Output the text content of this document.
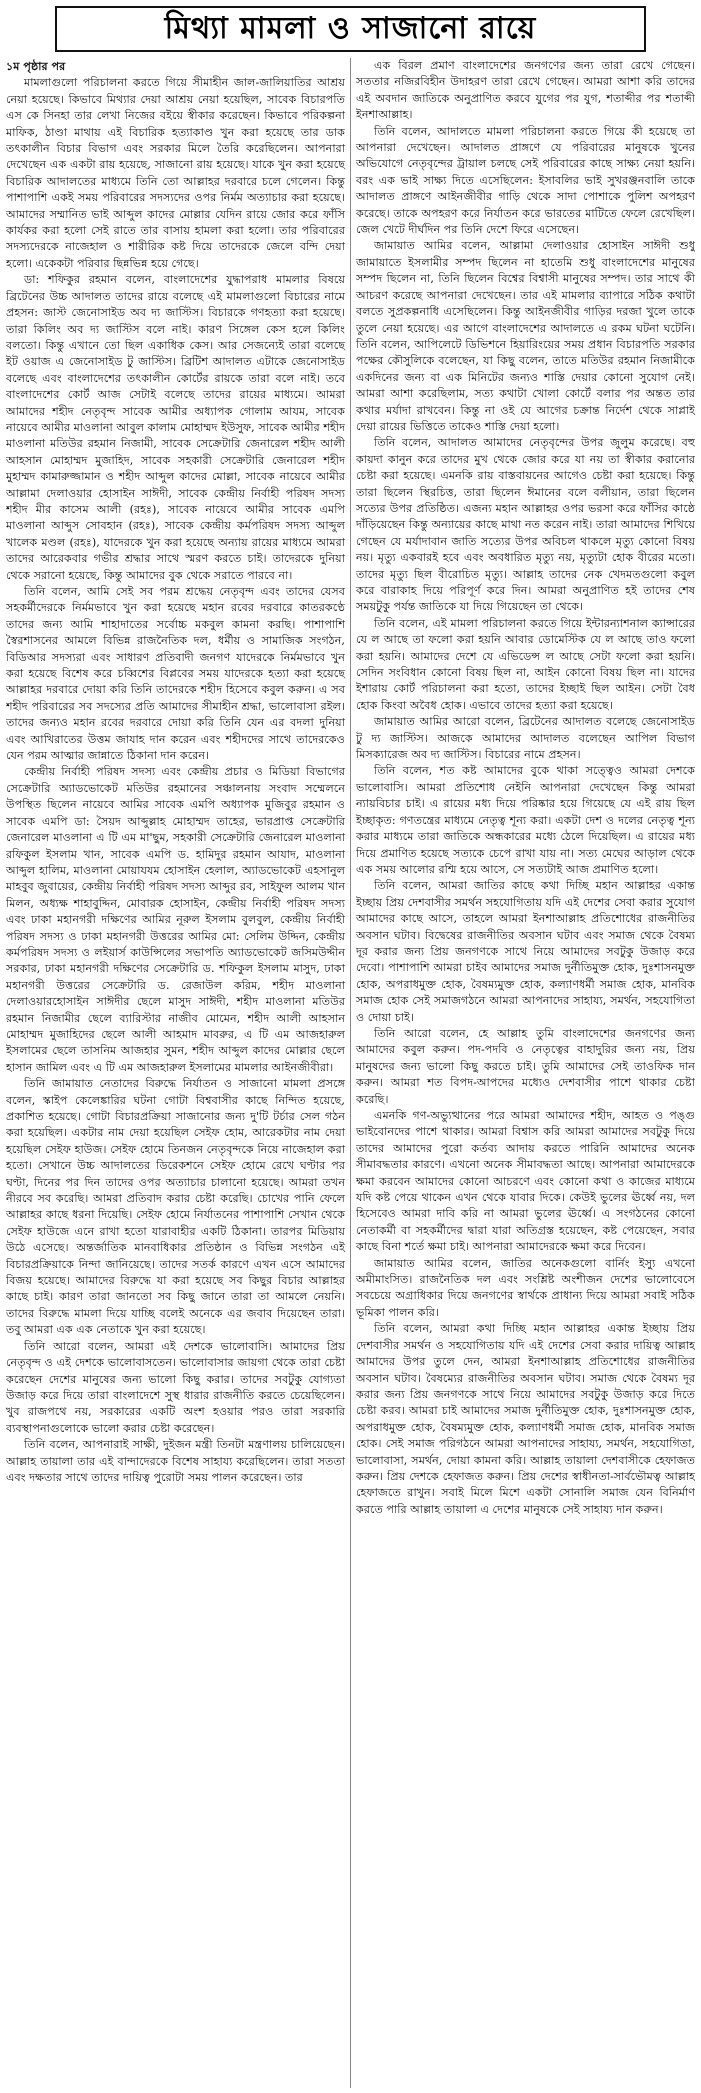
মিথ্যা মামলা ও সাজানো রায়ে
১ম পৃষ্ঠার পর

মামলাগুলো পরিচালনা করতে গিয়ে সীমাহীন জাল-জালিয়াতির আশ্রয় নেয়া হয়েছে। কিভাবে মিথ্যার দেয়া আশ্রয় নেয়া হয়েছিল, সাবেক বিচারপতি এস কে সিনহা তার লেখা নিজের বইয়ে স্বীকার করেছেন। কিভাবে পরিকল্পনা মাফিক, ঠাণ্ডা মাথায় এই বিচারিক হত্যাকাণ্ড খুন করা হয়েছে তার ডাক তৎকালীন বিচার বিভাগ এবং সরকার মিলে তৈরি করেছিলেন। আপনারা দেখেছেন এক একটা রায় হয়েছে, সাজানো রায় হয়েছে। যাকে খুন করা হয়েছে বিচারিক আদালতের মাধ্যমে তিনি তো আল্লাহর দরবারে চলে গেলেন। কিন্তু পাশাপাশি একই সময় পরিবারের সদস্যদের ওপর নির্মম অত্যাচার করা হয়েছে। আমাদের সম্মানিত ভাই আব্দুল কাদের মোল্লার যেদিন রায়ে জোর করে ফাঁসি কার্যকর করা হলো সেই রাতে তার বাসায় হামলা করা হলো। তার পরিবারের সদস্যদেরকে নাজেহাল ও শারীরিক কষ্ট দিয়ে তাদেরকে জেলে বন্দি দেয়া হলো। একেকটা পরিবার ছিন্নভিন্ন হয়ে গেছে।

ডা: শফিকুর রহমান বলেন, বাংলাদেশের যুদ্ধাপরাধ মামলার বিষয়ে ব্রিটেনের উচ্চ আদালত তাদের রায়ে বলেছে এই মামলাগুলো বিচারের নামে প্রহসন: জাস্ট জেনোসাইড অব দ্য জাস্টিস। বিচারকে গণহত্যা করা হয়েছে। তারা কিলিং অব দ্য জাস্টিস বলে নাই। কারণ সিঙ্গেল কেস হলে কিলিং বলতো। কিন্তু এখানে তো ছিল একাধিক কেস। আর সেজন্যেই তারা বলেছে ইট ওয়াজ এ জেনোসাইড টু জাস্টিস। ব্রিটিশ আদালত এটাকে জেনোসাইড বলেছে এবং বাংলাদেশের তৎকালীন কোর্টের রায়কে তারা বলে নাই। তবে বাংলাদেশের কোর্ট আজ সেটাই বলেছে তাদের রায়ের মাধ্যমে। আমরা আমাদের শহীদ নেতৃবৃন্দ সাবেক আমীর অধ্যাপক গোলাম আযম, সাবেক নায়েবে আমীর মাওলানা আবুল কালাম মোহাম্মদ ইউসুফ, সাবেক আমীর শহীদ মাওলানা মতিউর রহমান নিজামী, সাবেক সেক্রেটারি জেনারেল শহীদ আলী আহসান মোহাম্মদ মুজাহিদ, সাবেক সহকারী সেক্রেটারি জেনারেল শহীদ মুহাম্মদ কামারুজ্জামান ও শহীদ আব্দুল কাদের মোল্লা, সাবেক নায়েবে আমীর আল্লামা দেলাওয়ার হোসাইন সাঈদী, সাবেক কেন্দ্রীয় নির্বাহী পরিষদ সদস্য শহীদ মীর কাসেম আলী (রহঃ), সাবেক নায়েবে আমীর সাবেক এমপি মাওলানা আব্দুস সোবহান (রহঃ), সাবেক কেন্দ্রীয় কর্মপরিষদ সদস্য আব্দুল খালেক মণ্ডল (রহঃ), যাদেরকে খুন করা হয়েছে অন্যায় রায়ের মাধ্যমে আমরা তাদের আরেকবার গভীর শ্রদ্ধার সাথে স্মরণ করতে চাই। তাদেরকে দুনিয়া থেকে সরানো হয়েছে, কিন্তু আমাদের বুক থেকে সরাতে পারবে না।

তিনি বলেন, আমি সেই সব পরম শ্রদ্ধেয় নেতৃবৃন্দ এবং তাদের যেসব সহকর্মীদেরকে নির্মমভাবে খুন করা হয়েছে মহান রবের দরবারে কাতরকণ্ঠে তাদের জন্য আমি শাহাদাতের সর্বোচ্চ মকবুল কামনা করছি। পাশাপাশি স্বৈরশাসনের আমলে বিভিন্ন রাজনৈতিক দল, ধর্মীয় ও সামাজিক সংগঠন, বিডিআর সদস্যরা এবং সাধারণ প্রতিবাদী জনগণ যাদেরকে নির্মমভাবে খুন করা হয়েছে বিশেষ করে চব্বিশের বিপ্লবের সময় যাদেরকে হত্যা করা হয়েছে আল্লাহর দরবারে দোয়া করি তিনি তাদেরকে শহীদ হিসেবে কবুল করুন। এ সব শহীদ পরিবারের সব সদস্যের প্রতি আমাদের সীমাহীন শ্রদ্ধা, ভালোবাসা রইল। তাদের জন্যও মহান রবের দরবারে দোয়া করি তিনি যেন এর বদলা দুনিয়া এবং আখিরাতের উত্তম জাযাহ দান করেন এবং শহীদদের সাথে তাদেরকেও যেন পরম আত্মার জান্নাতে ঠিকানা দান করেন।

কেন্দ্রীয় নির্বাহী পরিষদ সদস্য এবং কেন্দ্রীয় প্রচার ও মিডিয়া বিভাগের সেক্রেটারি অ্যাডভোকেট মতিউর রহমানের সঞ্চালনায় সংবাদ সম্মেলনে উপস্থিত ছিলেন নায়েবে আমির সাবেক এমপি অধ্যাপক মুজিবুর রহমান ও সাবেক এমপি ডা: সৈয়দ আব্দুল্লাহ মোহাম্মদ তাহের, ভারপ্রাপ্ত সেক্রেটারি জেনারেল মাওলানা এ টি এম মা'ছুম, সহকারী সেক্রেটারি জেনারেল মাওলানা রফিকুল ইসলাম খান, সাবেক এমপি ড. হামিদুর রহমান আযাদ, মাওলানা আব্দুল হালিম, মাওলানা মোয়াযযম হোসাইন হেলাল, অ্যাডভোকেট এহসানুল মাহবুব জুবায়ের, কেন্দ্রীয় নির্বাহী পরিষদ সদস্য আব্দুর রব, সাইফুল আলম খান মিলন, অধ্যক্ষ শাহাবুদ্দিন, মোবারক হোসাইন, কেন্দ্রীয় নির্বাহী পরিষদ সদস্য এবং ঢাকা মহানগরী দক্ষিণের আমির নূরুল ইসলাম বুলবুল, কেন্দ্রীয় নির্বাহী পরিষদ সদস্য ও ঢাকা মহানগরী উত্তরের আমির মো: সেলিম উদ্দিন, কেন্দ্রীয় কর্মপরিষদ সদস্য ও লইয়ার্স কাউন্সিলের সভাপতি অ্যাডভোকেট জসিমউদ্দীন সরকার, ঢাকা মহানগরী দক্ষিণের সেক্রেটারি ড. শফিকুল ইসলাম মাসুদ, ঢাকা মহানগরী উত্তরের সেক্রেটারি ড. রেজাউল করিম, শহীদ মাওলানা দেলাওয়ারহোসাইন সাঈদীর ছেলে মাসুদ সাঈদী, শহীদ মাওলানা মতিউর রহমান নিজামীর ছেলে ব্যারিস্টার নাজীব মোমেন, শহীদ আলী আহসান মোহাম্মদ মুজাহিদের ছেলে আলী আহমাদ মাবরুর, এ টি এম আজহারুল ইসলামের ছেলে তাসনিম আজহার সুমন, শহীদ আব্দুল কাদের মোল্লার ছেলে হাসান জামিল এবং এ টি এম আজহারুল ইসলামের মামলার আইনজীবীরা।

তিনি জামায়াত নেতাদের বিরুদ্ধে নির্যাতন ও সাজানো মামলা প্রসঙ্গে বলেন, স্কাইপ কেলেঙ্কারির ঘটনা গোটা বিশ্ববাসীর কাছে নিন্দিত হয়েছে, প্রকাশিত হয়েছে। গোটা বিচারপ্রক্রিয়া সাজানোর জন্য দু'টি টর্চার সেল গঠন করা হয়েছিল। একটার নাম দেয়া হয়েছিল সেইফ হোম, আরেকটার নাম দেয়া হয়েছিল সেইফ হাউজ। সেইফ হোমে তিনজন নেতৃবৃন্দকে নিয়ে নাজেহাল করা হতো। সেখানে উচ্চ আদালতের ডিরেকশনে সেইফ হোমে রেখে ঘণ্টার পর ঘণ্টা, দিনের পর দিন তাদের ওপর অত্যাচার চালানো হয়েছে। আমরা তখন নীরবে সব করেছি। আমরা প্রতিবাদ করার চেষ্টা করেছি। চোখের পানি ফেলে আল্লাহর কাছে ধরনা দিয়েছি। সেইফ হোমে নির্যাতনের পাশাপাশি সেখান থেকে সেইফ হাউজে এনে রাখা হতো যারাবাহীর একটি ঠিকানা। তারপর মিডিয়ায় উঠে এসেছে। অন্তর্জাতিক মানবাধিকার প্রতিষ্ঠান ও বিভিন্ন সংগঠন এই বিচারপ্রক্রিয়াকে নিন্দা জানিয়েছে। তাদের সতর্ক কারণে এখন এসে আমাদের বিজয় হয়েছে। আমাদের বিরুদ্ধে যা করা হয়েছে সব কিছুর বিচার আল্লাহর কাছে চাই। কারণ তারা জানতো সব কিছু জানে তারা তা আমলে নেয়নি। তাদের বিরুদ্ধে মামলা দিয়ে যাচ্ছি বলেই অনেকে এর জবাব দিয়েছেন তারা। তবু আমরা এক এক নেতাকে খুন করা হয়েছে।

তিনি আরো বলেন, আমরা এই দেশকে ভালোবাসি। আমাদের প্রিয় নেতৃবৃন্দ ও এই দেশকে ভালোবাসতেন। ভালোবাসার জায়গা থেকে তারা চেষ্টা করেছেন দেশের মানুষের জন্য ভালো কিছু করার। তাদের সবটুকু যোগ্যতা উজাড় করে দিয়ে তারা বাংলাদেশে সুস্থ ধারার রাজনীতি করতে চেয়েছিলেন। খুব রাজপথে নয়, সরকারের একটি অংশ হওয়ার পরও তারা সরকারি ব্যবস্থাপনাগুলোকে ভালো করার চেষ্টা করেছেন।

তিনি বলেন, আপনারাই সাক্ষী, দুইজন মন্ত্রী তিনটা মন্ত্রণালয় চালিয়েছেন। আল্লাহ তায়ালা তার এই বান্দাদেরকে বিশেষ সাহায্য করেছিলেন। তারা সততা এবং দক্ষতার সাথে তাদের দায়িত্ব পুরোটা সময় পালন করেছেন। তার

এক বিরল প্রমাণ বাংলাদেশের জনগণের জন্য তারা রেখে গেছেন। সততার নজিরবিহীন উদাহরণ তারা রেখে গেছেন। আমরা আশা করি তাদের এই অবদান জাতিকে অনুপ্রাণিত করবে যুগের পর যুগ, শতাব্দীর পর শতাব্দী ইনশাআল্লাহ।

তিনি বলেন, আদালতে মামলা পরিচালনা করতে গিয়ে কী হয়েছে তা আপনারা দেখেছেন। আদালত প্রাঙ্গণে যে পরিবারের মানুষকে খুনের অভিযোগে নেতৃবৃন্দের ট্রায়াল চলছে সেই পরিবারের কাছে সাক্ষ্য নেয়া হয়নি। বরং এক ভাই সাক্ষ্য দিতে এসেছিলেন: ইসাবলির ভাই সুখরঞ্জনবালি তাকে আদালত প্রাঙ্গণে আইনজীবীর গাড়ি থেকে সাদা পোশাকে পুলিশ অপহরণ করেছে। তাকে অপহরণ করে নির্যাতন করে ভারতের মাটিতে ফেলে রেখেছিল। জেল খেটে দীর্ঘদিন পর তিনি দেশে ফিরে এসেছেন।

জামায়াত আমির বলেন, আল্লামা দেলাওয়ার হোসাইন সাঈদী শুধু জামায়াতে ইসলামীর সম্পদ ছিলেন না হাতেমি শুধু বাংলাদেশের মানুষের সম্পদ ছিলেন না, তিনি ছিলেন বিশ্বের বিশ্বাসী মানুষের সম্পদ। তার সাথে কী আচরণ করেছে আপনারা দেখেছেন। তার এই মামলার ব্যাপারে সঠিক কথাটা বলতে সুপ্রকল্পনাধি এসেছিলেন। কিন্তু আইনজীবীর গাড়ির দরজা খুলে তাকে তুলে নেয়া হয়েছে। এর আগে বাংলাদেশের আদালতে এ রকম ঘটনা ঘটেনি। তিনি বলেন, আপিলেটে ডিভিশনে হিয়ারিংয়ের সময় প্রধান বিচারপতি সরকার পক্ষের কৌসুলিকে বলেছেন, যা কিছু বলেন, তাতে মতিউর রহমান নিজামীকে একদিনের জন্য বা এক মিনিটের জন্যও শাস্তি দেয়ার কোনো সুযোগ নেই। আমরা আশা করেছিলাম, সত্য কথাটা খোলা কোর্টে বলার পর অন্তত তার কথার মর্যাদা রাখবেন। কিন্তু না ওই যে আগের চক্রান্ত নির্দেশ থেকে সাপ্লাই দেয়া রায়ের ভিত্তিতে তাকেও শাস্তি দেয়া হলো।

তিনি বলেন, আদালত আমাদের নেতৃবৃন্দের উপর জুলুম করেছে। বহু কায়দা কানুন করে তাদের মুখ থেকে জোর করে যা নয় তা স্বীকার করানোর চেষ্টা করা হয়েছে। এমনকি রায় বাস্তবায়নের আগেও চেষ্টা করা হয়েছে। কিন্তু তারা ছিলেন স্থিরচিত্ত, তারা ছিলেন ঈমানের বলে বলীয়ান, তারা ছিলেন সত্যের উপর প্রতিষ্ঠিত। এজন্য মহান আল্লাহর ওপর ভরসা করে ফাঁসির কাষ্ঠে দাঁড়িয়েছেন কিন্তু অন্যায়ের কাছে মাথা নত করেন নাই। তারা আমাদের শিখিয়ে গেছেন যে মর্যাদাবান জাতি সত্যের উপর অবিচল থাকলে মৃত্যু কোনো বিষয় নয়। মৃত্যু একবারই হবে এবং অবধারিত মৃত্যু নয়, মৃত্যুটা হোক বীরের মতো। তাদের মৃত্যু ছিল বীরোচিত মৃত্যু। আল্লাহ তাদের নেক খেদমতগুলো কবুল করে বারাকাহ দিয়ে পরিপূর্ণ করে দিন। আমরা অনুপ্রাণিত হই তাদের শেষ সময়টুকু পর্যন্ত জাতিকে যা দিয়ে গিয়েছেন তা থেকে।

তিনি বলেন, এই মামলা পরিচালনা করতে গিয়ে ইন্টারন্যাশনাল ক্যান্সারের যে ল আছে তা ফলো করা হয়নি আবার ডোমেস্টিক যে ল আছে তাও ফলো করা হয়নি। আমাদের দেশে যে এভিডেন্স ল আছে সেটা ফলো করা হয়নি। সেদিন সংবিধান কোনো বিষয় ছিল না, আইন কোনো বিষয় ছিল না। যাদের ইশারায় কোর্ট পরিচালনা করা হতো, তাদের ইচ্ছাই ছিল আইন। সেটা বৈধ হোক কিংবা অবৈধ হোক। এভাবে তাদের হত্যা করা হয়েছে।

জামায়াত আমির আরো বলেন, ব্রিটেনের আদালত বলেছে জেনোসাইড টু দ্য জাস্টিস। আজকে আমাদের আদালত বলেছেন আপিল বিভাগ মিসক্যারেজ অব দ্য জাস্টিস। বিচারের নামে প্রহসন।

তিনি বলেন, শত কষ্ট আমাদের বুকে থাকা সত্ত্বেও আমরা দেশকে ভালোবাসি। আমরা প্রতিশোধ নেইনি আপনারা দেখেছেন কিন্তু আমরা ন্যায়বিচার চাই। এ রায়ের মধ্য দিয়ে পরিষ্কার হয়ে গিয়েছে যে এই রায় ছিল ইচ্ছাকৃত: গণতন্ত্রের মাধ্যমে নেতৃত্ব শূন্য করা। একটা দেশ ও দলের নেতৃত্ব শূন্য করার মাধ্যমে তারা জাতিকে অন্ধকারের মধ্যে ঠেলে দিয়েছিল। এ রায়ের মধ্য দিয়ে প্রমাণিত হয়েছে সত্যকে চেপে রাখা যায় না। সত্য মেঘের আড়াল থেকে এক সময় আলোর রশ্মি হয়ে আসে, সে সত্যটাই আজ প্রমাণিত হলো।

তিনি বলেন, আমরা জাতির কাছে কথা দিচ্ছি মহান আল্লাহর একান্ত ইচ্ছায় প্রিয় দেশবাসীর সমর্থন সহযোগিতায় যদি এই দেশের সেবা করার সুযোগ আমাদের কাছে আসে, তাহলে আমরা ইনশাআল্লাহ প্রতিশোধের রাজনীতির অবসান ঘটাব। বিদ্বেষের রাজনীতির অবসান ঘটাব এবং সমাজ থেকে বৈষম্য দূর করার জন্য প্রিয় জনগণকে সাথে নিয়ে আমাদের সবটুকু উজাড় করে দেবো। পাশাপাশি আমরা চাইব আমাদের সমাজ দুর্নীতিমুক্ত হোক, দুঃশাসনমুক্ত হোক, অপরাধমুক্ত হোক, বৈষম্যমুক্ত হোক, কল্যাণধর্মী সমাজ হোক, মানবিক সমাজ হোক সেই সমাজগঠনে আমরা আপনাদের সাহায্য, সমর্থন, সহযোগিতা ও দোয়া চাই।

তিনি আরো বলেন, হে আল্লাহ তুমি বাংলাদেশের জনগণের জন্য আমাদের কবুল করুন। পদ-পদবি ও নেতৃত্বের বাহাদুরির জন্য নয়, প্রিয় মানুষদের জন্য ভালো কিছু করতে চাই। তুমি আমাদের সেই তাওফিক দান করুন। আমরা শত বিপদ-আপদের মধ্যেও দেশবাসীর পাশে থাকার চেষ্টা করেছি।

এমনকি গণ-অভ্যুত্থানের পরে আমরা আমাদের শহীদ, আহত ও পঙ্গু ভাইবোনদের পাশে থাকার। আমরা বিশ্বাস করি আমরা আমাদের সবটুকু দিয়ে তাদের আমাদের পুরো কর্তব্য আদায় করতে পারিনি আমাদের অনেক সীমাবদ্ধতার কারণে। এখনো অনেক সীমাবদ্ধতা আছে। আপনারা আমাদেরকে ক্ষমা করবেন আমাদের কোনো আচরণে এবং কোনো কথা ও কাজের মাধ্যমে যদি কষ্ট পেয়ে থাকেন এখন থেকে যাবার দিকে। কেউই ভুলের ঊর্ধ্বে নয়, দল হিসেবেও আমরা দাবি করি না আমরা ভুলের ঊর্ধ্বে। এ সংগঠনের কোনো নেতাকর্মী বা সহকর্মীদের দ্বারা যারা অতিগ্রস্ত হয়েছেন, কষ্ট পেয়েছেন, সবার কাছে বিনা শর্তে ক্ষমা চাই। আপনারা আমাদেরকে ক্ষমা করে দিবেন।

জামায়াত আমির বলেন, জাতির অনেকগুলো বার্নিং ইস্যু এখনো অমীমাংসিত। রাজনৈতিক দল এবং সংশ্লিষ্ট অংশীজন দেশের ভালোবেসে সবচেয়ে অগ্রাধিকার দিয়ে জনগণের স্বার্থকে প্রাধান্য দিয়ে আমরা সবাই সঠিক ভূমিকা পালন করি।

তিনি বলেন, আমরা কথা দিচ্ছি মহান আল্লাহর একান্ত ইচ্ছায় প্রিয় দেশবাসীর সমর্থন ও সহযোগিতায় যদি এই দেশের সেবা করার দায়িত্ব আল্লাহ আমাদের উপর তুলে দেন, আমরা ইনশাআল্লাহ প্রতিশোধের রাজনীতির অবসান ঘটাব। বৈষম্যের রাজনীতির অবসান ঘটাব। সমাজ থেকে বৈষম্য দূর করার জন্য প্রিয় জনগণকে সাথে নিয়ে আমাদের সবটুকু উজাড় করে দিতে চেষ্টা করব। আমরা চাই আমাদের সমাজ দুর্নীতিমুক্ত হোক, দুঃশাসনমুক্ত হোক, অপরাধমুক্ত হোক, বৈষম্যমুক্ত হোক, কল্যাণধর্মী সমাজ হোক, মানবিক সমাজ হোক। সেই সমাজ পরিগঠনে আমরা আপনাদের সাহায্য, সমর্থন, সহযোগিতা, ভালোবাসা, সমর্থন, দোয়া কামনা করি। আল্লাহ তায়ালা দেশবাসীকে হেফাজত করুন। প্রিয় দেশকে হেফাজত করুন। প্রিয় দেশের স্বাধীনতা-সার্বভৌমত্ব আল্লাহ হেফাজতে রাখুন। সবাই মিলে মিশে একটা সোনালি সমাজ যেন বিনির্মাণ করতে পারি আল্লাহ তায়ালা এ দেশের মানুষকে সেই সাহায্য দান করুন।
